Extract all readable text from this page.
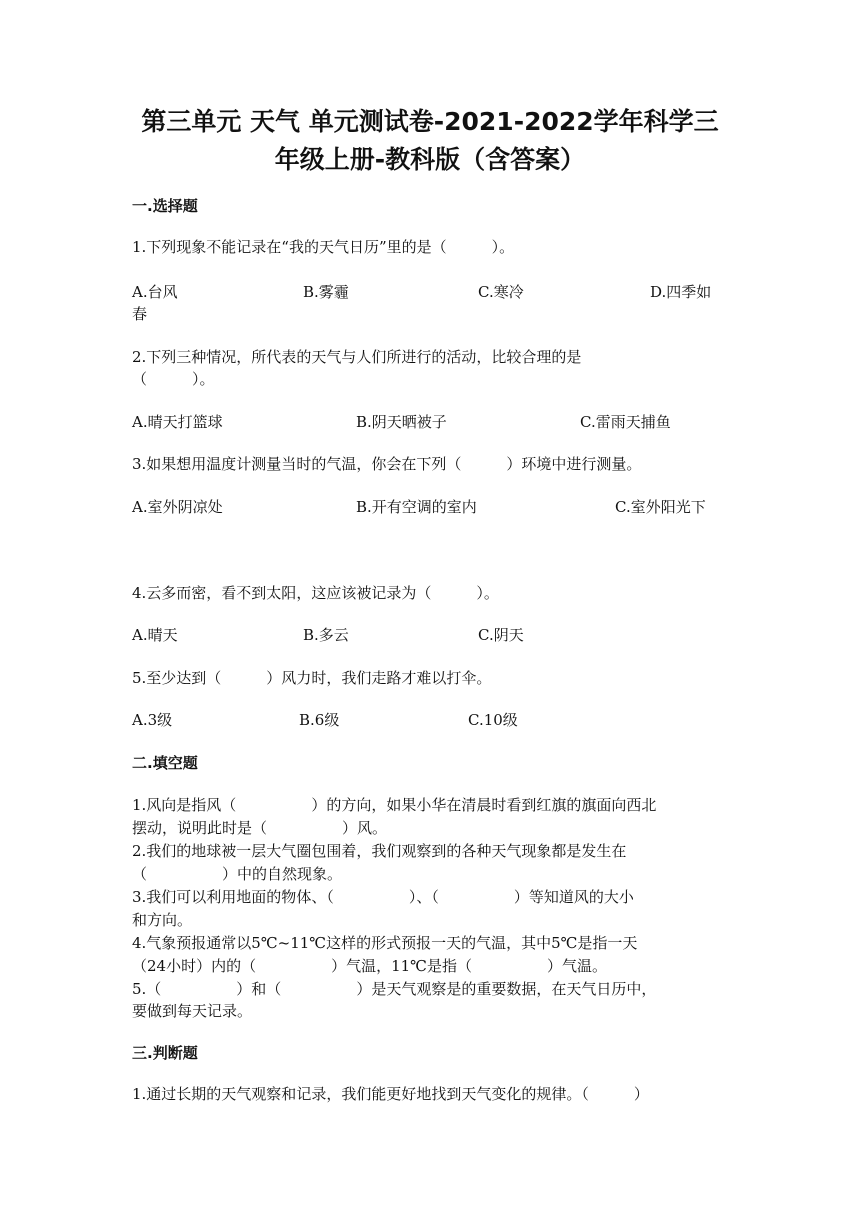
第三单元 天气 单元测试卷-2021-2022学年科学三
年级上册-教科版（含答案）
一.选择题
1.下列现象不能记录在“我的天气日历”里的是（　　　）。
A.台风	B.雾霾	C.寒冷	D.四季如
春
2.下列三种情况，所代表的天气与人们所进行的活动，比较合理的是
（　　　）。
A.晴天打篮球	B.阴天晒被子	C.雷雨天捕鱼
3.如果想用温度计测量当时的气温，你会在下列（　　　）环境中进行测量。
A.室外阴凉处	B.开有空调的室内	C.室外阳光下
4.云多而密，看不到太阳，这应该被记录为（　　　）。
A.晴天	B.多云	C.阴天
5.至少达到（　　　）风力时，我们走路才难以打伞。
A.3级	B.6级	C.10级
二.填空题
1.风向是指风（　　　　　）的方向，如果小华在清晨时看到红旗的旗面向西北
摆动，说明此时是（　　　　　）风。
2.我们的地球被一层大气圈包围着，我们观察到的各种天气现象都是发生在
（　　　　　）中的自然现象。
3.我们可以利用地面的物体、（　　　　　）、（　　　　　）等知道风的大小
和方向。
4.气象预报通常以5℃~11℃这样的形式预报一天的气温，其中5℃是指一天
（24小时）内的（　　　　　）气温，11℃是指（　　　　　）气温。
5.（　　　　　）和（　　　　　）是天气观察是的重要数据，在天气日历中，
要做到每天记录。
三.判断题
1.通过长期的天气观察和记录，我们能更好地找到天气变化的规律。（　　　）
